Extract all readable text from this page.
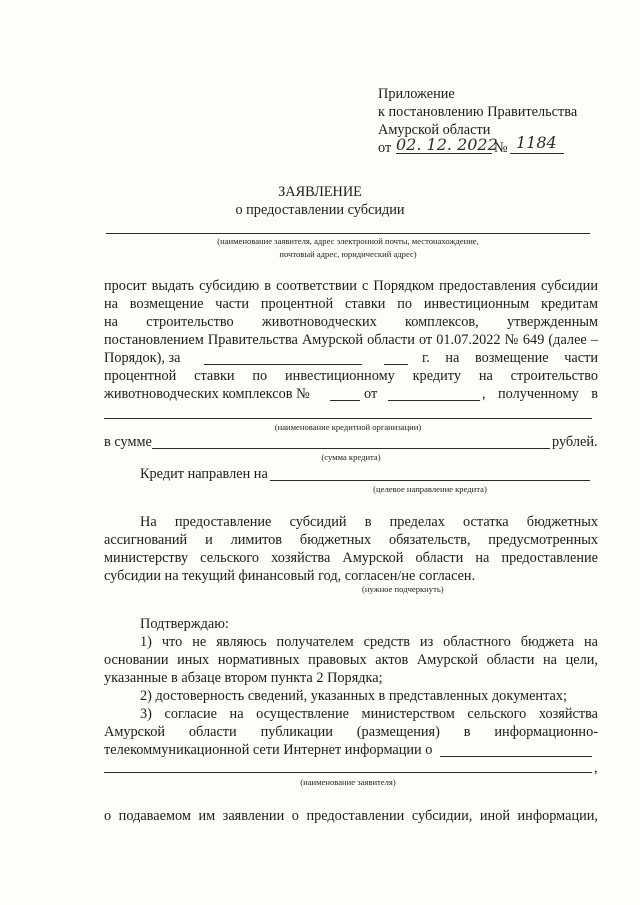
Приложение
к постановлению Правительства
Амурской области
от 02. 12. 2022
№ 1184
ЗАЯВЛЕНИЕ
о предоставлении субсидии
(наименование заявителя, адрес электронной почты, местонахождение,
почтовый адрес, юридический адрес)
просит выдать субсидию в соответствии с Порядком предоставления субсидии
на возмещение части процентной ставки по инвестиционным кредитам
на строительство животноводческих комплексов, утвержденным
постановлением Правительства Амурской области от 01.07.2022 № 649 (далее –
Порядок), за	г. на возмещение части
процентной ставки по инвестиционному кредиту на строительство
животноводческих комплексов №	от	, полученному в
(наименование кредитной организации)
в сумме	рублей.
(сумма кредита)
Кредит направлен на
(целевое направление кредита)
На предоставление субсидий в пределах остатка бюджетных
ассигнований и лимитов бюджетных обязательств, предусмотренных
министерству сельского хозяйства Амурской области на предоставление
субсидии на текущий финансовый год, согласен/не согласен.
(нужное подчеркнуть)
Подтверждаю:
1) что не являюсь получателем средств из областного бюджета на
основании иных нормативных правовых актов Амурской области на цели,
указанные в абзаце втором пункта 2 Порядка;
2) достоверность сведений, указанных в представленных документах;
3) согласие на осуществление министерством сельского хозяйства
Амурской области публикации (размещения) в информационно-
телекоммуникационной сети Интернет информации о
,
(наименование заявителя)
о подаваемом им заявлении о предоставлении субсидии, иной информации,
